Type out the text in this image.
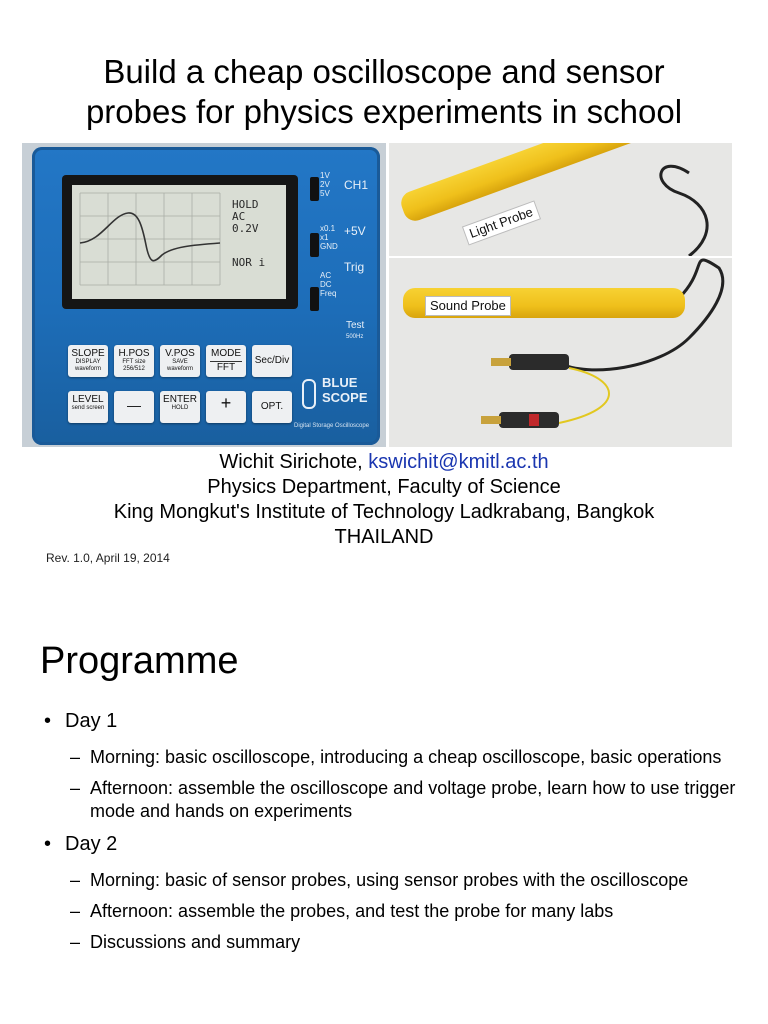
Build a cheap oscilloscope and sensor
probes for physics experiments in school
HOLD
AC
0.2V
NOR i
1V
2V
5V
CH1
x0.1
x1
GND
+5V
Trig
AC
DC
Freq
Test
500Hz
SLOPE
DISPLAY waveform
H.POS
FFT size 256/512
V.POS
SAVE waveform
MODE
FFT
Sec/Div
LEVEL
send screen	—	ENTER
HOLD	+	OPT.
BLUE
SCOPE
Digital Storage Oscilloscope
Light Probe
Sound Probe
Wichit Sirichote, kswichit@kmitl.ac.th
Physics Department, Faculty of Science
King Mongkut's Institute of Technology Ladkrabang, Bangkok
THAILAND
Rev. 1.0, April 19, 2014
Programme
• Day 1
– Morning: basic oscilloscope, introducing a cheap oscilloscope, basic operations
– Afternoon: assemble the oscilloscope and voltage probe, learn how to use trigger mode and hands on experiments
• Day 2
– Morning: basic of sensor probes, using sensor probes with the oscilloscope
– Afternoon: assemble the probes, and test the probe for many labs
– Discussions and summary
